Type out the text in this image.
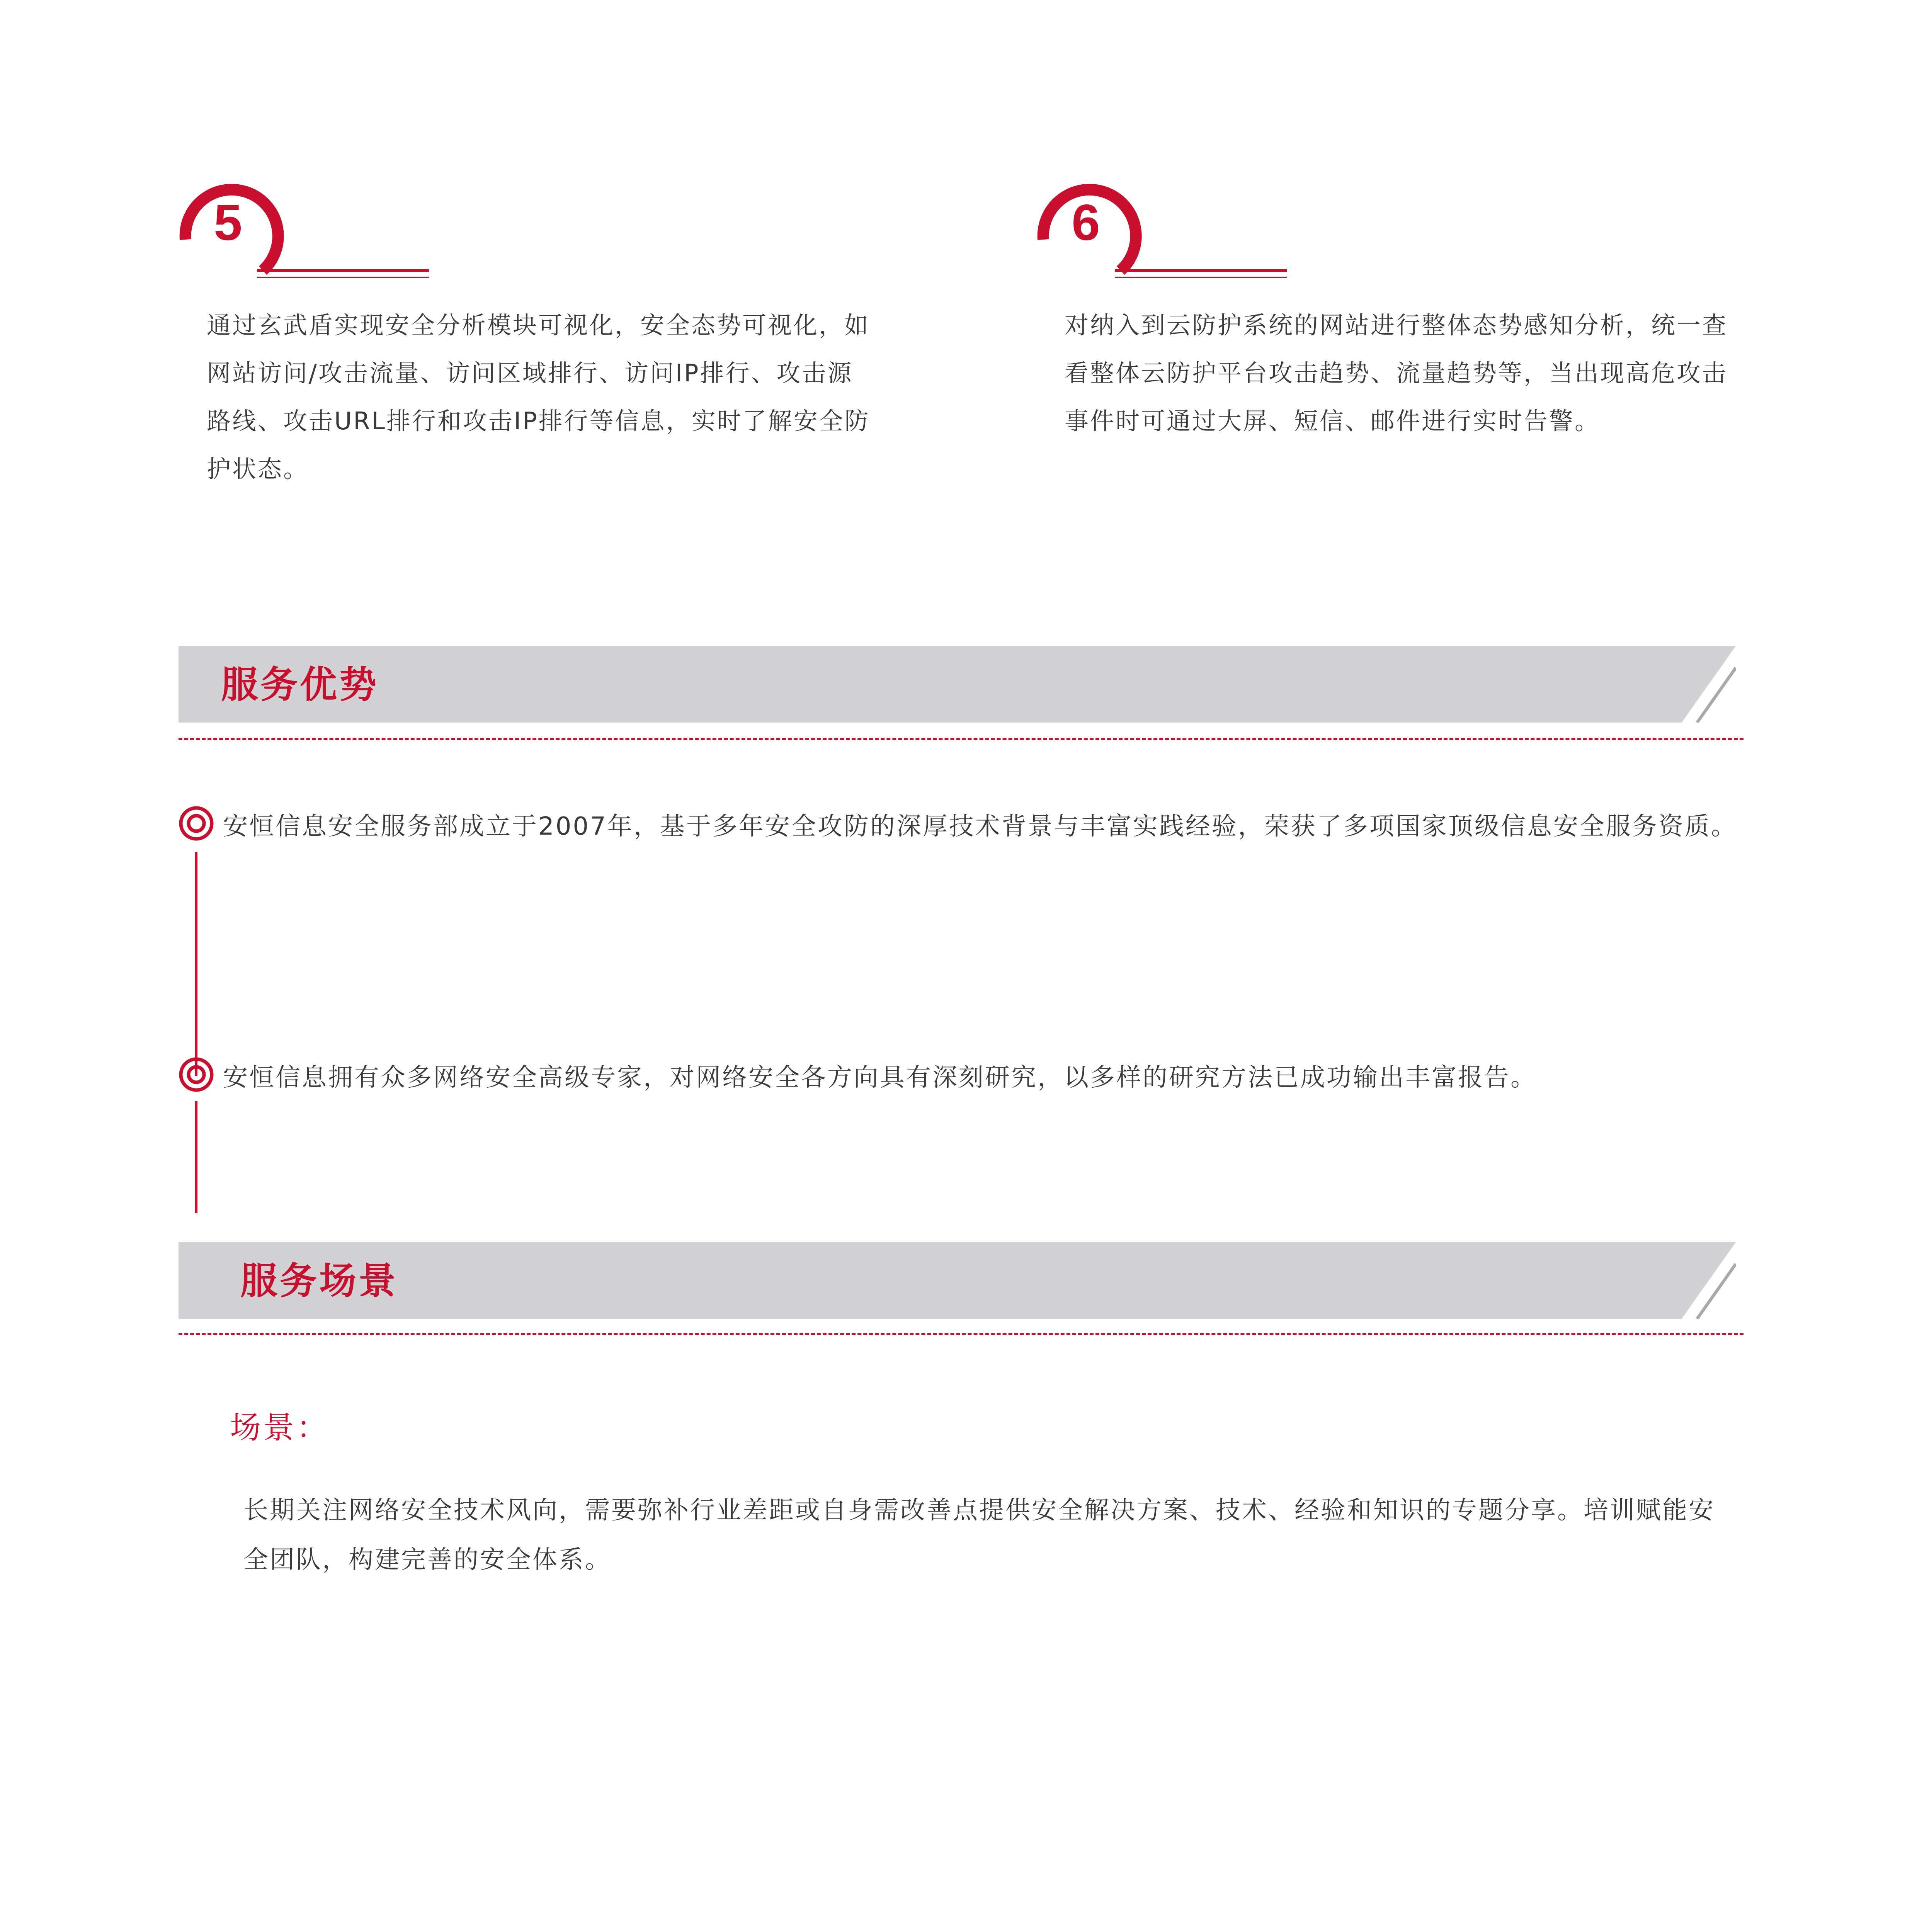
5
通过玄武盾实现安全分析模块可视化，安全态势可视化，如网站访问/攻击流量、访问区域排行、访问IP排行、攻击源路线、攻击URL排行和攻击IP排行等信息，实时了解安全防护状态。
6
对纳入到云防护系统的网站进行整体态势感知分析，统一查看整体云防护平台攻击趋势、流量趋势等，当出现高危攻击事件时可通过大屏、短信、邮件进行实时告警。
服务优势
安恒信息安全服务部成立于2007年，基于多年安全攻防的深厚技术背景与丰富实践经验，荣获了多项国家顶级信息安全服务资质。
安恒信息拥有众多网络安全高级专家，对网络安全各方向具有深刻研究，以多样的研究方法已成功输出丰富报告。
服务场景
场景：
长期关注网络安全技术风向，需要弥补行业差距或自身需改善点提供安全解决方案、技术、经验和知识的专题分享。培训赋能安全团队，构建完善的安全体系。
